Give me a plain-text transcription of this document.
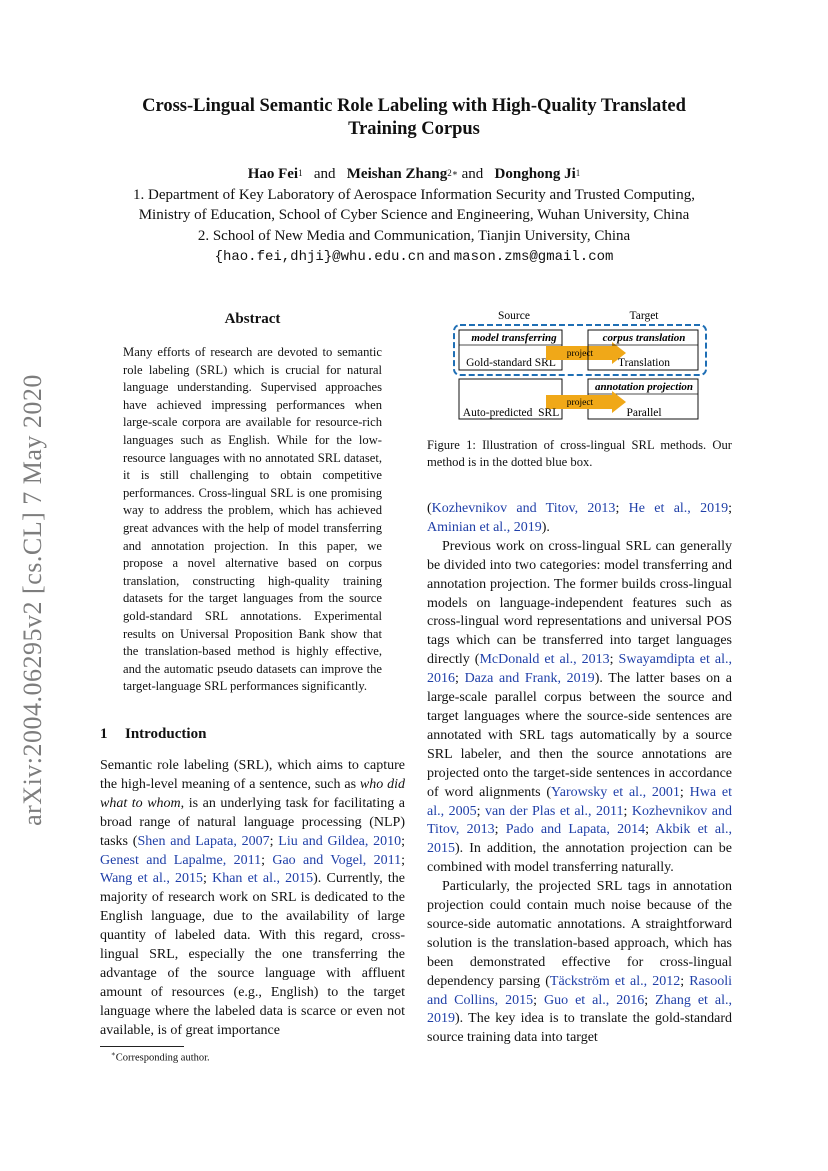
arXiv:2004.06295v2 [cs.CL] 7 May 2020
Cross-Lingual Semantic Role Labeling with High-Quality Translated
Training Corpus
Hao Fei$^1$ and Meishan Zhang$^{2∗}$ and Donghong Ji$^1$
1. Department of Key Laboratory of Aerospace Information Security and Trusted Computing,
Ministry of Education, School of Cyber Science and Engineering, Wuhan University, China
2. School of New Media and Communication, Tianjin University, China
{hao.fei,dhji}@whu.edu.cn and mason.zms@gmail.com
Abstract
Many efforts of research are devoted to semantic role labeling (SRL) which is crucial for natural language understanding. Supervised approaches have achieved impressing performances when large-scale corpora are available for resource-rich languages such as English. While for the low-resource languages with no annotated SRL dataset, it is still challenging to obtain competitive performances. Cross-lingual SRL is one promising way to address the problem, which has achieved great advances with the help of model transferring and annotation projection. In this paper, we propose a novel alternative based on corpus translation, constructing high-quality training datasets for the target languages from the source gold-standard SRL annotations. Experimental results on Universal Proposition Bank show that the translation-based method is highly effective, and the automatic pseudo datasets can improve the target-language SRL performances significantly.
1 Introduction
Semantic role labeling (SRL), which aims to capture the high-level meaning of a sentence, such as who did what to whom, is an underlying task for facilitating a broad range of natural language processing (NLP) tasks (Shen and Lapata, 2007; Liu and Gildea, 2010; Genest and Lapalme, 2011; Gao and Vogel, 2011; Wang et al., 2015; Khan et al., 2015). Currently, the majority of research work on SRL is dedicated to the English language, due to the availability of large quantity of labeled data. With this regard, cross-lingual SRL, especially the one transferring the advantage of the source language with affluent amount of resources (e.g., English) to the target language where the labeled data is scarce or even not available, is of great importance
∗Corresponding author.
Source	Target
model transferring
Gold-standard SRL
project
corpus translation
Translation
annotation projection
project
Auto-predicted  SRL	Parallel
Figure 1: Illustration of cross-lingual SRL methods. Our method is in the dotted blue box.

(Kozhevnikov and Titov, 2013; He et al., 2019; Aminian et al., 2019).

Previous work on cross-lingual SRL can generally be divided into two categories: model transferring and annotation projection. The former builds cross-lingual models on language-independent features such as cross-lingual word representations and universal POS tags which can be transferred into target languages directly (McDonald et al., 2013; Swayamdipta et al., 2016; Daza and Frank, 2019). The latter bases on a large-scale parallel corpus between the source and target languages where the source-side sentences are annotated with SRL tags automatically by a source SRL labeler, and then the source annotations are projected onto the target-side sentences in accordance of word alignments (Yarowsky et al., 2001; Hwa et al., 2005; van der Plas et al., 2011; Kozhevnikov and Titov, 2013; Pado and Lapata, 2014; Akbik et al., 2015). In addition, the annotation projection can be combined with model transferring naturally.

Particularly, the projected SRL tags in annotation projection could contain much noise because of the source-side automatic annotations. A straightforward solution is the translation-based approach, which has been demonstrated effective for cross-lingual dependency parsing (Täckström et al., 2012; Rasooli and Collins, 2015; Guo et al., 2016; Zhang et al., 2019). The key idea is to translate the gold-standard source training data into target
